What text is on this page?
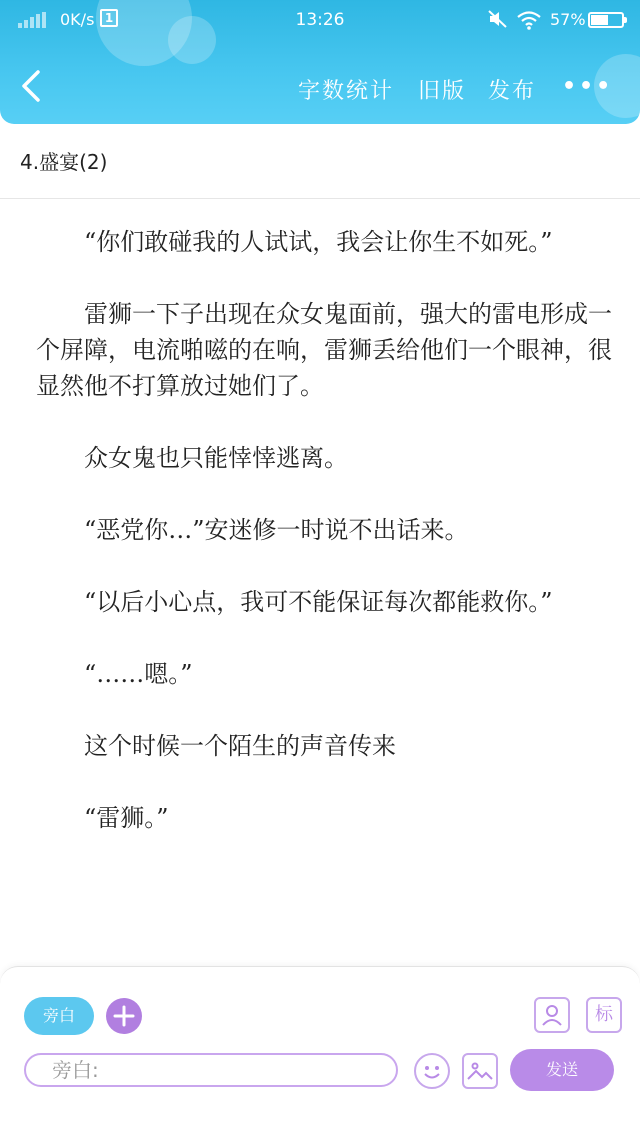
0K/s 1	13:26	57%
字数统计 旧版 发布 •••
4.盛宴(2)

“你们敢碰我的人试试，我会让你生不如死。”

雷狮一下子出现在众女鬼面前，强大的雷电形成一个屏障，电流啪嗞的在响，雷狮丢给他们一个眼神，很显然他不打算放过她们了。

众女鬼也只能悻悻逃离。

“恶党你…”安迷修一时说不出话来。

“以后小心点，我可不能保证每次都能救你。”

“……嗯。”

这个时候一个陌生的声音传来

“雷狮。”

旁白	标
旁白:	发送
